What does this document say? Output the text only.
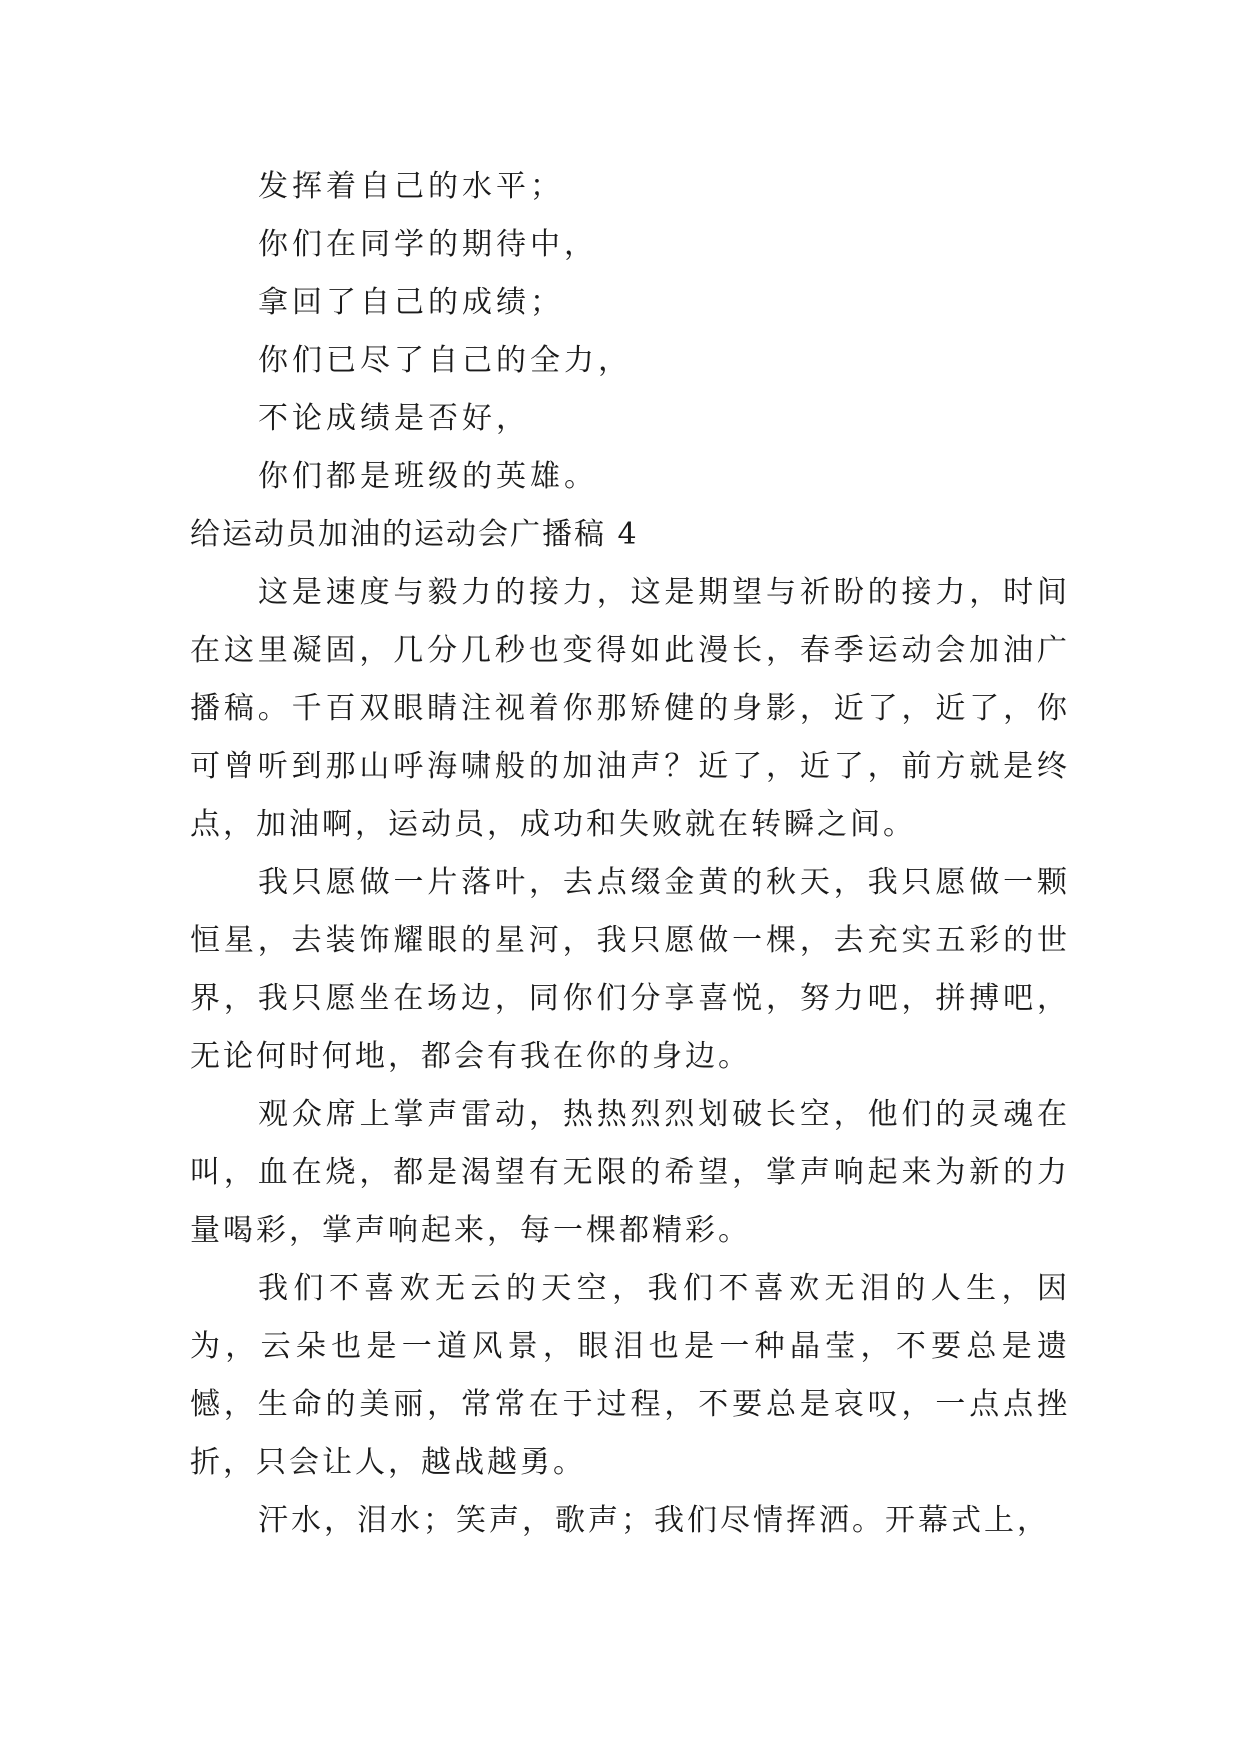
发挥着自己的水平；
你们在同学的期待中，
拿回了自己的成绩；
你们已尽了自己的全力，
不论成绩是否好，
你们都是班级的英雄。
给运动员加油的运动会广播稿 4

这是速度与毅力的接力，这是期望与祈盼的接力，时间在这里凝固，几分几秒也变得如此漫长，春季运动会加油广播稿。千百双眼睛注视着你那矫健的身影，近了，近了，你可曾听到那山呼海啸般的加油声？近了，近了，前方就是终点，加油啊，运动员，成功和失败就在转瞬之间。

我只愿做一片落叶，去点缀金黄的秋天，我只愿做一颗恒星，去装饰耀眼的星河，我只愿做一棵，去充实五彩的世界，我只愿坐在场边，同你们分享喜悦，努力吧，拼搏吧，无论何时何地，都会有我在你的身边。

观众席上掌声雷动，热热烈烈划破长空，他们的灵魂在叫，血在烧，都是渴望有无限的希望，掌声响起来为新的力量喝彩，掌声响起来，每一棵都精彩。

我们不喜欢无云的天空，我们不喜欢无泪的人生，因为，云朵也是一道风景，眼泪也是一种晶莹，不要总是遗憾，生命的美丽，常常在于过程，不要总是哀叹，一点点挫折，只会让人，越战越勇。

汗水，泪水；笑声，歌声；我们尽情挥洒。开幕式上，
